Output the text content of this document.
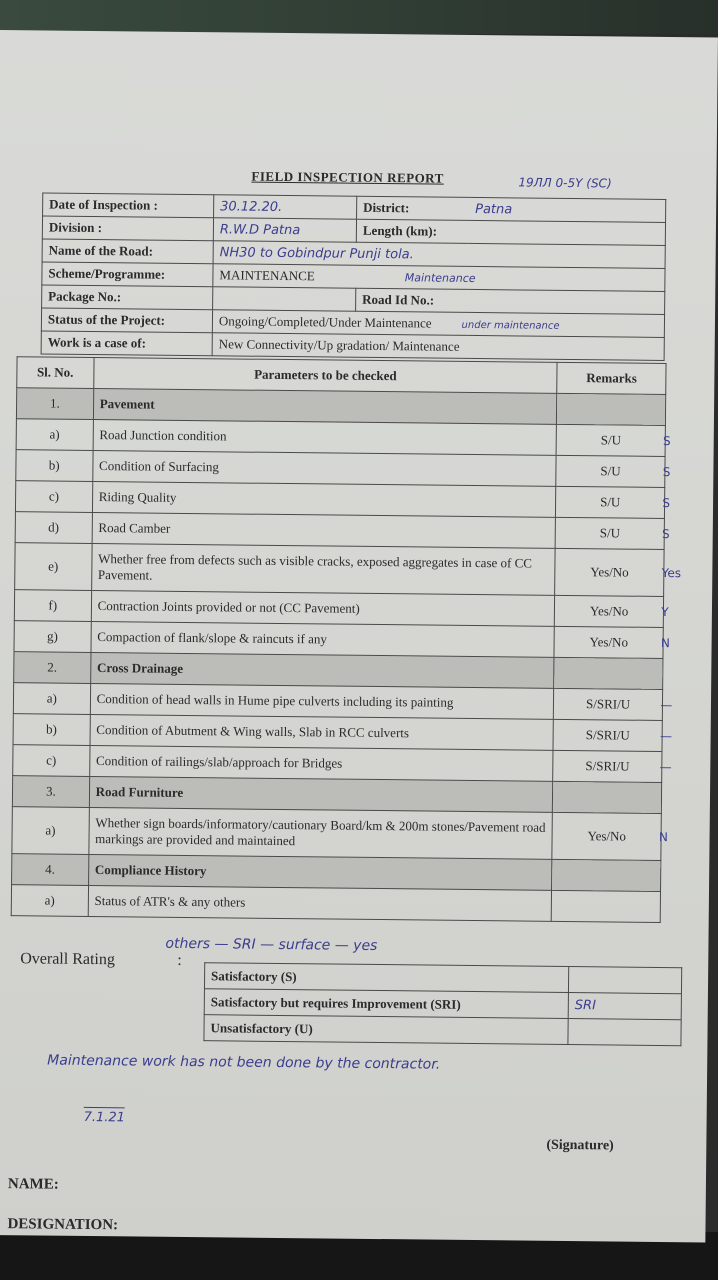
FIELD INSPECTION REPORT	19ЛЛ 0-5Y (SC)
Date of Inspection :	30.12.20.	District:	Patna
Division :	R.W.D Patna	Length (km):	
Name of the Road:	NH30 to Gobindpur Punji tola.		
Scheme/Programme:	MAINTENANCE Maintenance		
Package No.:		Road Id No.:	
Status of the Project:	Ongoing/Completed/Under Maintenance under maintenance		
Work is a case of:	New Connectivity/Up gradation/ Maintenance		
Sl. No.	Parameters to be checked	Remarks
1.	Pavement	

a)	Road Junction condition	S/U S

b)	Condition of Surfacing	S/U S

c)	Riding Quality	S/U S

d)	Road Camber	S/U S

e)	Whether free from defects such as visible cracks, exposed aggregates in case of CC Pavement.	Yes/No Yes

f)	Contraction Joints provided or not (CC Pavement)	Yes/No Y

g)	Compaction of flank/slope & raincuts if any	Yes/No N

2.	Cross Drainage	

a)	Condition of head walls in Hume pipe culverts including its painting	S/SRI/U —

b)	Condition of Abutment & Wing walls, Slab in RCC culverts	S/SRI/U —

c)	Condition of railings/slab/approach for Bridges	S/SRI/U —

3.	Road Furniture	

a)	Whether sign boards/informatory/cautionary Board/km & 200m stones/Pavement road markings are provided and maintained	Yes/No N

4.	Compliance History	

a)	Status of ATR's & any others	
others — SRI — surface — yes
Overall Rating	:
Satisfactory (S)	
Satisfactory but requires Improvement (SRI)	SRI
Unsatisfactory (U)	
Maintenance work has not been done by the contractor.
7.1.21
(Signature)
NAME:
DESIGNATION:
